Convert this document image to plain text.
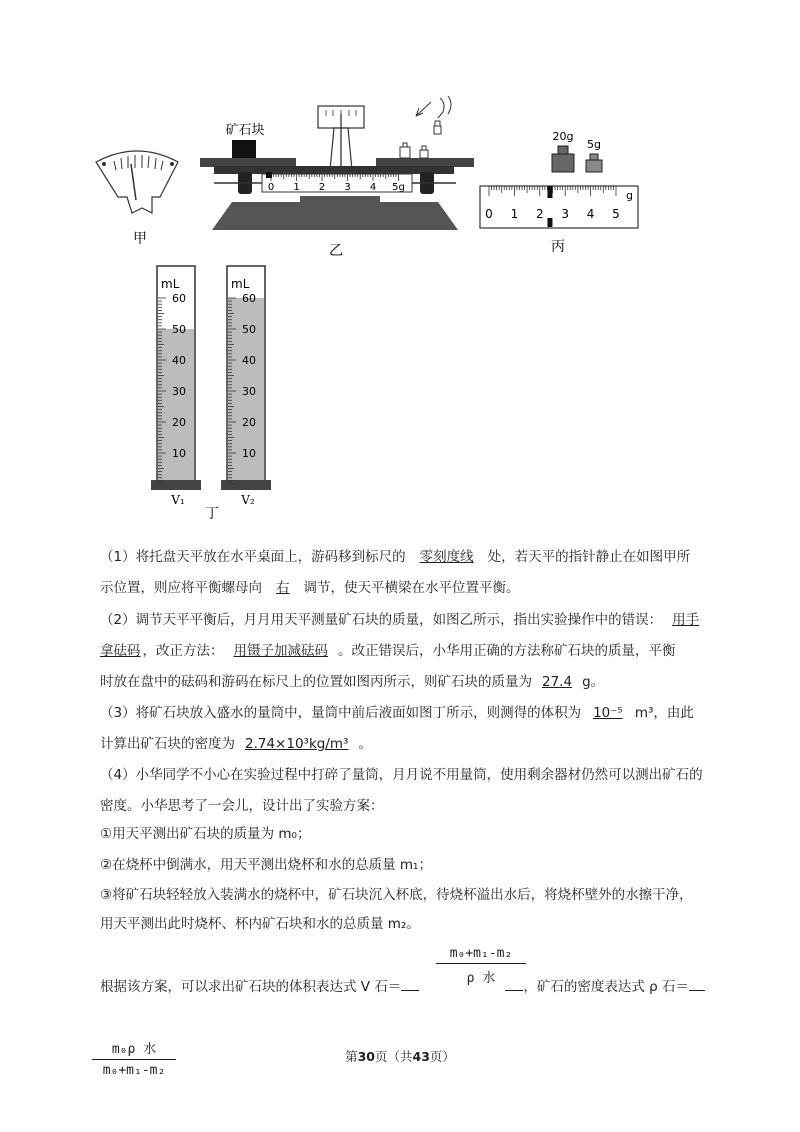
甲
矿石块
乙
20g
5g
0 1 2 3 4 5
g
丙
mL
60
50
40
30
20
10
mL
60
50
40
30
20
10
V₁	V₂
丁
0 1 2 3 4 5g
（1）将托盘天平放在水平桌面上，游码移到标尺的 零刻度线 处，若天平的指针静止在如图甲所
示位置，则应将平衡螺母向 右 调节，使天平横梁在水平位置平衡。
（2）调节天平平衡后，月月用天平测量矿石块的质量，如图乙所示，指出实验操作中的错误： 用手
拿砝码 ，改正方法： 用镊子加减砝码 。改正错误后，小华用正确的方法称矿石块的质量，平衡
时放在盘中的砝码和游码在标尺上的位置如图丙所示，则矿石块的质量为 27.4 g。
（3）将矿石块放入盛水的量筒中，量筒中前后液面如图丁所示，则测得的体积为 10⁻⁵ m³，由此
计算出矿石块的密度为 2.74×10³kg/m³ 。
（4）小华同学不小心在实验过程中打碎了量筒，月月说不用量筒，使用剩余器材仍然可以测出矿石的
密度。小华思考了一会儿，设计出了实验方案：
①用天平测出矿石块的质量为 m₀；
②在烧杯中倒满水，用天平测出烧杯和水的总质量 m₁；
③将矿石块轻轻放入装满水的烧杯中，矿石块沉入杯底，待烧杯溢出水后，将烧杯壁外的水擦干净，
用天平测出此时烧杯、杯内矿石块和水的总质量 m₂。
根据该方案，可以求出矿石块的体积表达式 V 石＝	，矿石的密度表达式 ρ 石＝
m₀+m₁-m₂
ρ 水
m₀ρ 水
m₀+m₁-m₂
第30页（共43页）
